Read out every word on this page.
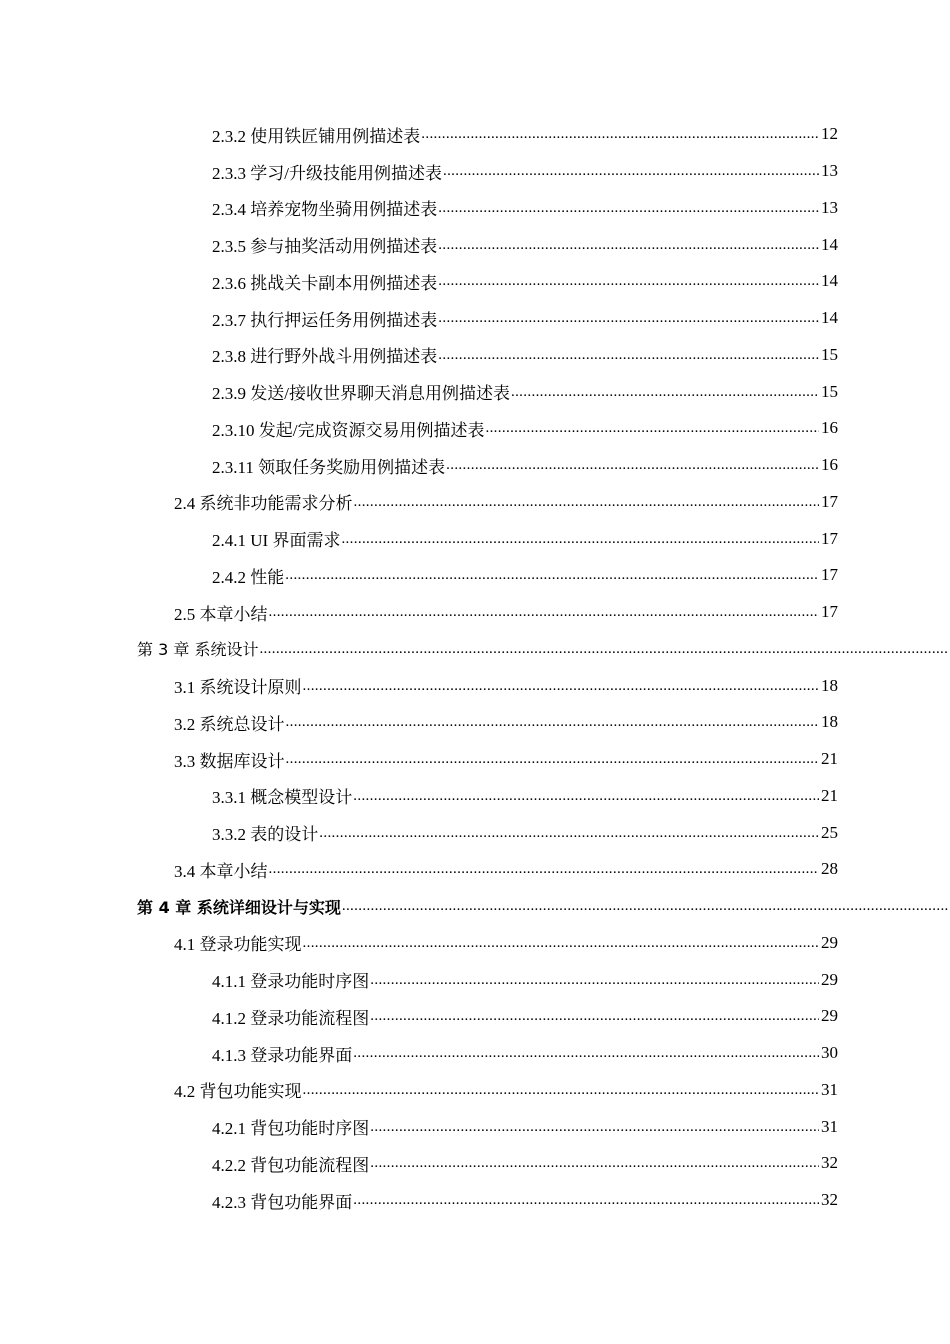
2.3.2 使用铁匠铺用例描述表 .....	12
2.3.3 学习/升级技能用例描述表 .....	13
2.3.4 培养宠物坐骑用例描述表 .....	13
2.3.5 参与抽奖活动用例描述表 .....	14
2.3.6 挑战关卡副本用例描述表 .....	14
2.3.7 执行押运任务用例描述表 .....	14
2.3.8 进行野外战斗用例描述表 .....	15
2.3.9 发送/接收世界聊天消息用例描述表 .....	15
2.3.10 发起/完成资源交易用例描述表 .....	16
2.3.11 领取任务奖励用例描述表 .....	16
2.4 系统非功能需求分析 .....	17
2.4.1 UI 界面需求 .....	17
2.4.2 性能 .....	17
2.5 本章小结 .....	17
第 3 章 系统设计
.....
3.1 系统设计原则 .....	18
3.2 系统总设计 .....	18
3.3 数据库设计 .....	21
3.3.1 概念模型设计 .....	21
3.3.2 表的设计 .....	25
3.4 本章小结 .....	28
第 4 章 系统详细设计与实现
.....
4.1 登录功能实现 .....	29
4.1.1 登录功能时序图 .....	29
4.1.2 登录功能流程图 .....	29
4.1.3 登录功能界面 .....	30
4.2 背包功能实现 .....	31
4.2.1 背包功能时序图 .....	31
4.2.2 背包功能流程图 .....	32
4.2.3 背包功能界面 .....	32
